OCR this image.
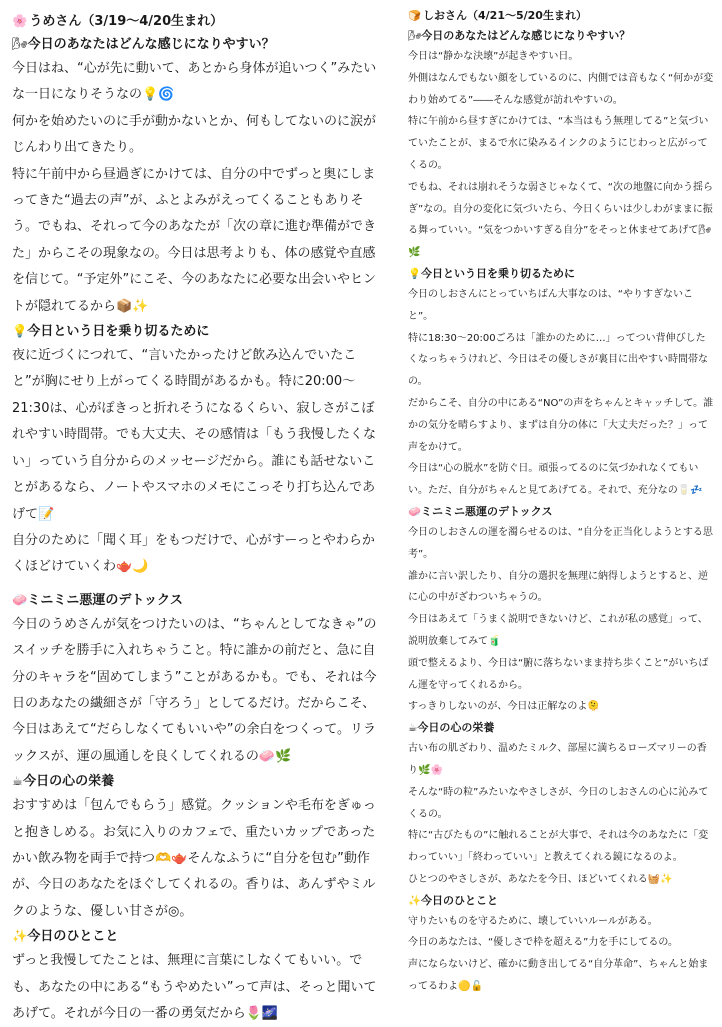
🌸 うめさん（3/19〜4/20生まれ）
🌬今日のあなたはどんな感じになりやすい？
今日はね、“心が先に動いて、あとから身体が追いつく”みたいな一日になりそうなの💡🌀
何かを始めたいのに手が動かないとか、何もしてないのに涙がじんわり出てきたり。
特に午前中から昼過ぎにかけては、自分の中でずっと奥にしまってきた“過去の声”が、ふとよみがえってくることもありそう。でもね、それって今のあなたが「次の章に進む準備ができた」からこその現象なの。今日は思考よりも、体の感覚や直感を信じて。“予定外”にこそ、今のあなたに必要な出会いやヒントが隠れてるから📦✨
💡今日という日を乗り切るために
夜に近づくにつれて、“言いたかったけど飲み込んでいたこと”が胸にせり上がってくる時間があるかも。特に20:00〜21:30は、心がぽきっと折れそうになるくらい、寂しさがこぼれやすい時間帯。でも大丈夫、その感情は「もう我慢したくない」っていう自分からのメッセージだから。誰にも話せないことがあるなら、ノートやスマホのメモにこっそり打ち込んであげて📝
自分のために「聞く耳」をもつだけで、心がすーっとやわらかくほどけていくわ🫖🌙
🧼ミニミニ悪運のデトックス
今日のうめさんが気をつけたいのは、“ちゃんとしてなきゃ”のスイッチを勝手に入れちゃうこと。特に誰かの前だと、急に自分のキャラを“固めてしまう”ことがあるかも。でも、それは今日のあなたの繊細さが「守ろう」としてるだけ。だからこそ、今日はあえて“だらしなくてもいいや”の余白をつくって。リラックスが、運の風通しを良くしてくれるの🧼🌿
☕今日の心の栄養
おすすめは「包んでもらう」感覚。クッションや毛布をぎゅっと抱きしめる。お気に入りのカフェで、重たいカップであったかい飲み物を両手で持つ🫶🫖そんなふうに“自分を包む”動作が、今日のあなたをほぐしてくれるの。香りは、あんずやミルクのような、優しい甘さが◎。
✨今日のひとこと
ずっと我慢してたことは、無理に言葉にしなくてもいい。でも、あなたの中にある“もうやめたい”って声は、そっと聞いてあげて。それが今日の一番の勇気だから🌷🌌
🍞 しおさん（4/21〜5/20生まれ）
🌬今日のあなたはどんな感じになりやすい？
今日は“静かな決壊”が起きやすい日。
外側はなんでもない顔をしているのに、内側では音もなく“何かが変わり始めてる”――そんな感覚が訪れやすいの。
特に午前から昼すぎにかけては、“本当はもう無理してる”と気づいていたことが、まるで水に染みるインクのようにじわっと広がってくるの。
でもね、それは崩れそうな弱さじゃなくて、“次の地盤に向かう揺らぎ”なの。自分の変化に気づいたら、今日くらいは少しわがままに振る舞っていい。“気をつかいすぎる自分”をそっと休ませてあげて🌬🌿
💡今日という日を乗り切るために
今日のしおさんにとっていちばん大事なのは、“やりすぎないこと”。
特に18:30〜20:00ごろは「誰かのために…」ってつい背伸びしたくなっちゃうけれど、今日はその優しさが裏目に出やすい時間帯なの。
だからこそ、自分の中にある“NO”の声をちゃんとキャッチして。誰かの気分を晴らすより、まずは自分の体に「大丈夫だった？」って声をかけて。
今日は“心の脱水”を防ぐ日。頑張ってるのに気づかれなくてもいい。ただ、自分がちゃんと見てあげてる。それで、充分なの🥛💤
🧼ミニミニ悪運のデトックス
今日のしおさんの運を濁らせるのは、“自分を正当化しようとする思考”。
誰かに言い訳したり、自分の選択を無理に納得しようとすると、逆に心の中がざわついちゃうの。
今日はあえて「うまく説明できないけど、これが私の感覚」って、説明放棄してみて🧃
頭で整えるより、今日は“腑に落ちないまま持ち歩くこと”がいちばん運を守ってくれるから。
すっきりしないのが、今日は正解なのよ🫠
☕今日の心の栄養
古い布の肌ざわり、温めたミルク、部屋に満ちるローズマリーの香り🌿🌸
そんな“時の粒”みたいなやさしさが、今日のしおさんの心に沁みてくるの。
特に“古びたもの”に触れることが大事で、それは今のあなたに「変わっていい」「終わっていい」と教えてくれる鏡になるのよ。
ひとつのやさしさが、あなたを今日、ほどいてくれる🧺✨
✨今日のひとこと
守りたいものを守るために、壊していいルールがある。
今日のあなたは、“優しさで枠を超える”力を手にしてるの。
声にならないけど、確かに動き出してる“自分革命”、ちゃんと始まってるわよ🟡🔓
